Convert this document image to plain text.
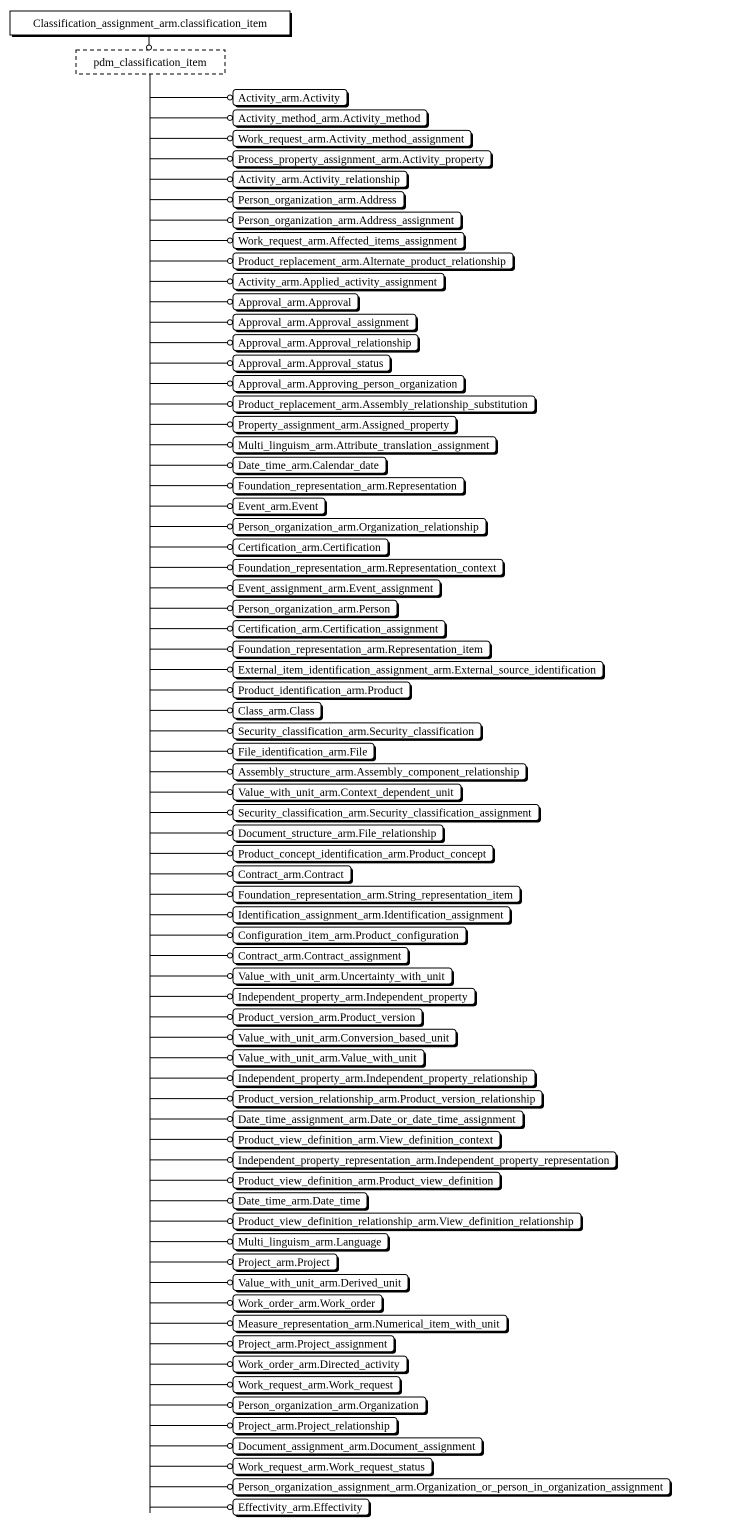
Classification_assignment_arm.classification_item
pdm_classification_item
Activity_arm.Activity
Activity_method_arm.Activity_method
Work_request_arm.Activity_method_assignment
Process_property_assignment_arm.Activity_property
Activity_arm.Activity_relationship
Person_organization_arm.Address
Person_organization_arm.Address_assignment
Work_request_arm.Affected_items_assignment
Product_replacement_arm.Alternate_product_relationship
Activity_arm.Applied_activity_assignment
Approval_arm.Approval
Approval_arm.Approval_assignment
Approval_arm.Approval_relationship
Approval_arm.Approval_status
Approval_arm.Approving_person_organization
Product_replacement_arm.Assembly_relationship_substitution
Property_assignment_arm.Assigned_property
Multi_linguism_arm.Attribute_translation_assignment
Date_time_arm.Calendar_date
Foundation_representation_arm.Representation
Event_arm.Event
Person_organization_arm.Organization_relationship
Certification_arm.Certification
Foundation_representation_arm.Representation_context
Event_assignment_arm.Event_assignment
Person_organization_arm.Person
Certification_arm.Certification_assignment
Foundation_representation_arm.Representation_item
External_item_identification_assignment_arm.External_source_identification
Product_identification_arm.Product
Class_arm.Class
Security_classification_arm.Security_classification
File_identification_arm.File
Assembly_structure_arm.Assembly_component_relationship
Value_with_unit_arm.Context_dependent_unit
Security_classification_arm.Security_classification_assignment
Document_structure_arm.File_relationship
Product_concept_identification_arm.Product_concept
Contract_arm.Contract
Foundation_representation_arm.String_representation_item
Identification_assignment_arm.Identification_assignment
Configuration_item_arm.Product_configuration
Contract_arm.Contract_assignment
Value_with_unit_arm.Uncertainty_with_unit
Independent_property_arm.Independent_property
Product_version_arm.Product_version
Value_with_unit_arm.Conversion_based_unit
Value_with_unit_arm.Value_with_unit
Independent_property_arm.Independent_property_relationship
Product_version_relationship_arm.Product_version_relationship
Date_time_assignment_arm.Date_or_date_time_assignment
Product_view_definition_arm.View_definition_context
Independent_property_representation_arm.Independent_property_representation
Product_view_definition_arm.Product_view_definition
Date_time_arm.Date_time
Product_view_definition_relationship_arm.View_definition_relationship
Multi_linguism_arm.Language
Project_arm.Project
Value_with_unit_arm.Derived_unit
Work_order_arm.Work_order
Measure_representation_arm.Numerical_item_with_unit
Project_arm.Project_assignment
Work_order_arm.Directed_activity
Work_request_arm.Work_request
Person_organization_arm.Organization
Project_arm.Project_relationship
Document_assignment_arm.Document_assignment
Work_request_arm.Work_request_status
Person_organization_assignment_arm.Organization_or_person_in_organization_assignment
Effectivity_arm.Effectivity
